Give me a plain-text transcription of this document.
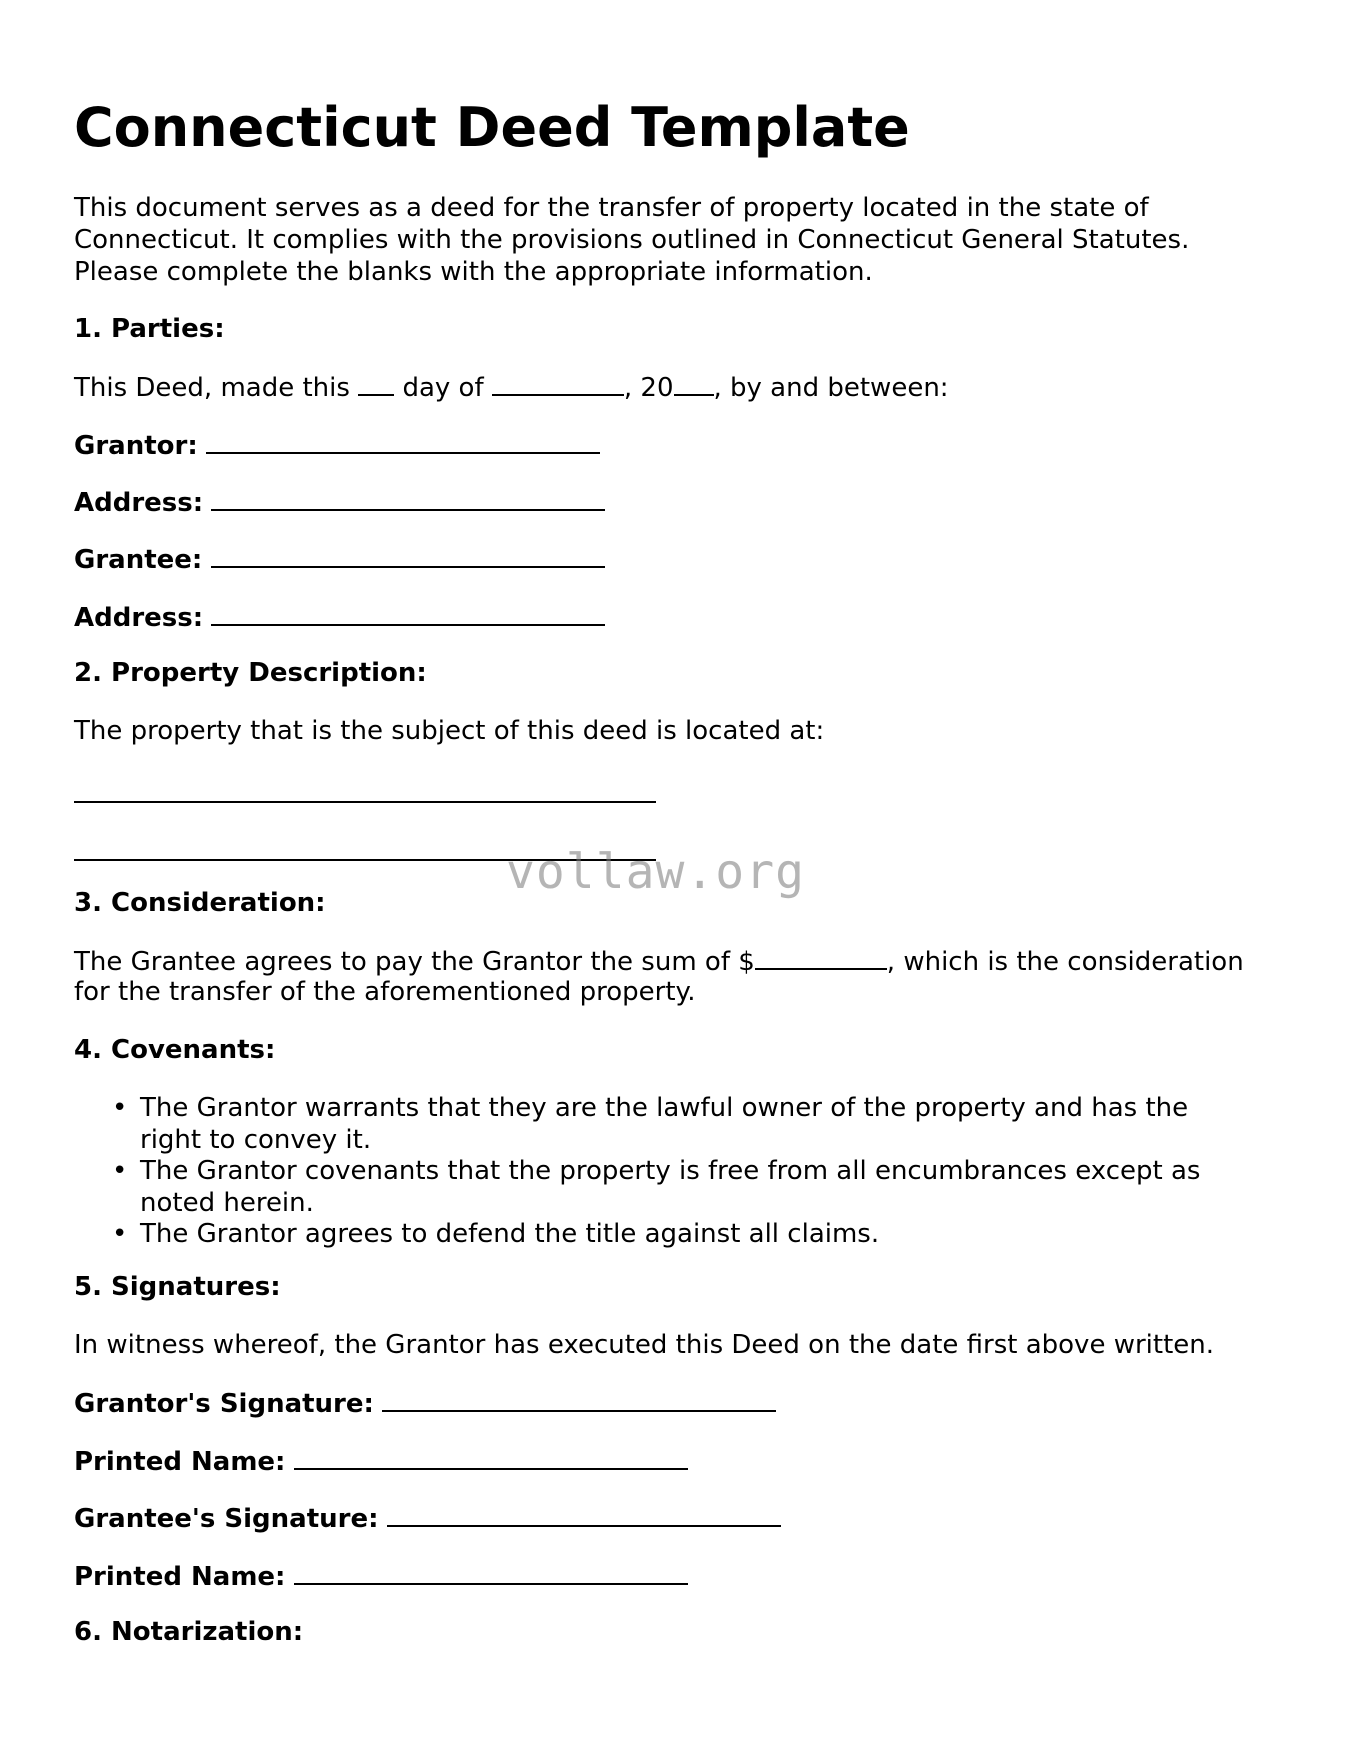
Connecticut Deed Template
This document serves as a deed for the transfer of property located in the state of
Connecticut. It complies with the provisions outlined in Connecticut General Statutes.
Please complete the blanks with the appropriate information.
1. Parties:
This Deed, made this day of	, 20 , by and between:
Grantor:
Address:
Grantee:
Address:
2. Property Description:
The property that is the subject of this deed is located at:
3. Consideration:
The Grantee agrees to pay the Grantor the sum of $	, which is the consideration
for the transfer of the aforementioned property.
4. Covenants:
• The Grantor warrants that they are the lawful owner of the property and has the
right to convey it.
• The Grantor covenants that the property is free from all encumbrances except as
noted herein.
• The Grantor agrees to defend the title against all claims.
5. Signatures:
In witness whereof, the Grantor has executed this Deed on the date first above written.
Grantor's Signature:
Printed Name:
Grantee's Signature:
Printed Name:
6. Notarization:
vollaw.org
